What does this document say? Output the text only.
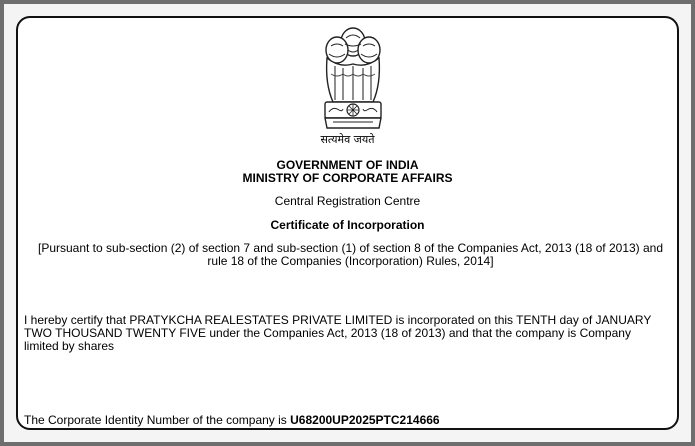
सत्यमेव जयते
GOVERNMENT OF INDIA
MINISTRY OF CORPORATE AFFAIRS
Central Registration Centre
Certificate of Incorporation
[Pursuant to sub-section (2) of section 7 and sub-section (1) of section 8 of the Companies Act, 2013 (18 of 2013) and rule 18 of the Companies (Incorporation) Rules, 2014]
I hereby certify that PRATYKCHA REALESTATES PRIVATE LIMITED is incorporated on this TENTH day of JANUARY TWO THOUSAND TWENTY FIVE under the Companies Act, 2013 (18 of 2013) and that the company is Company limited by shares
The Corporate Identity Number of the company is U68200UP2025PTC214666
